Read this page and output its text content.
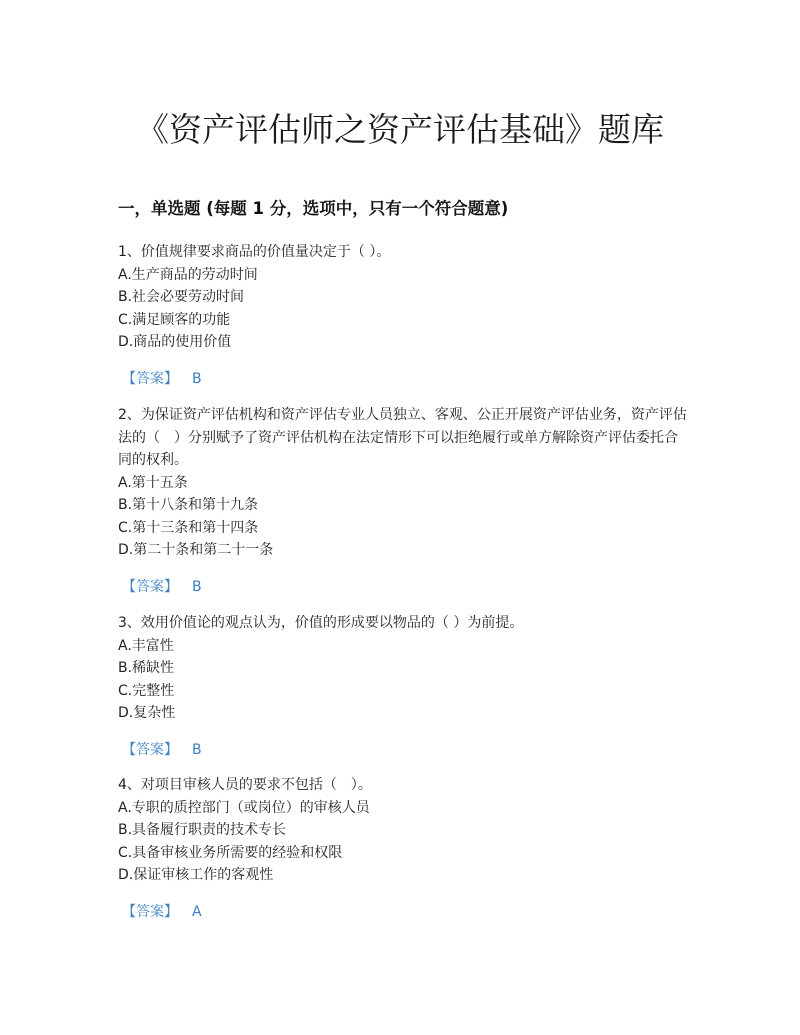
《资产评估师之资产评估基础》题库
一，单选题 (每题 1 分，选项中，只有一个符合题意)

1、价值规律要求商品的价值量决定于（ ）。

A.生产商品的劳动时间

B.社会必要劳动时间

C.满足顾客的功能

D.商品的使用价值

【答案】 B

2、为保证资产评估机构和资产评估专业人员独立、客观、公正开展资产评估业务，资产评估法的（　）分别赋予了资产评估机构在法定情形下可以拒绝履行或单方解除资产评估委托合同的权利。

A.第十五条

B.第十八条和第十九条

C.第十三条和第十四条

D.第二十条和第二十一条

【答案】 B

3、效用价值论的观点认为，价值的形成要以物品的（ ）为前提。

A.丰富性

B.稀缺性

C.完整性

D.复杂性

【答案】 B

4、对项目审核人员的要求不包括（　）。

A.专职的质控部门（或岗位）的审核人员

B.具备履行职责的技术专长

C.具备审核业务所需要的经验和权限

D.保证审核工作的客观性

【答案】 A
